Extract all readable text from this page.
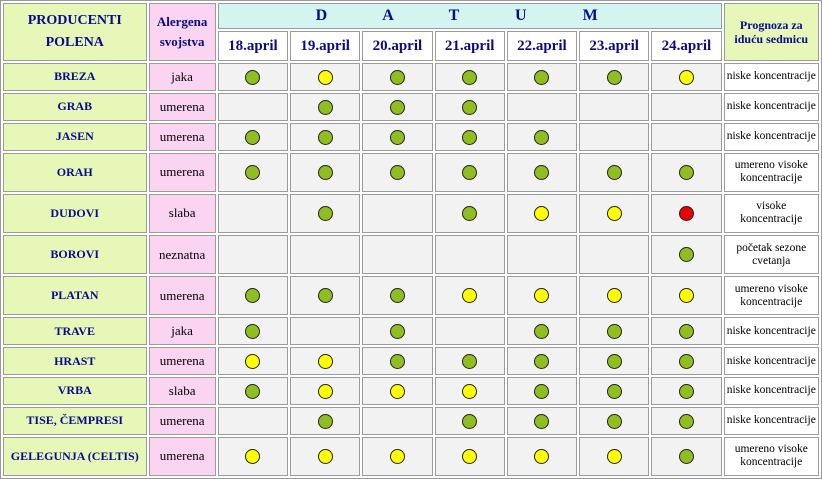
PRODUCENTI POLENA	Alergena svojstva	D A T U M							Prognoza za iduću sedmicu
		18.april	19.april	20.april	21.april	22.april	23.april	24.april	
BREZA	jaka								niske koncentracije
GRAB	umerena								niske koncentracije
JASEN	umerena								niske koncentracije
ORAH	umerena								umereno visoke koncentracije
DUDOVI	slaba								visoke koncentracije
BOROVI	neznatna								početak sezone cvetanja
PLATAN	umerena								umereno visoke koncentracije
TRAVE	jaka								niske koncentracije
HRAST	umerena								niske koncentracije
VRBA	slaba								niske koncentracije
TISE, ČEMPRESI	umerena								niske koncentracije
GELEGUNJA (CELTIS)	umerena								umereno visoke koncentracije
